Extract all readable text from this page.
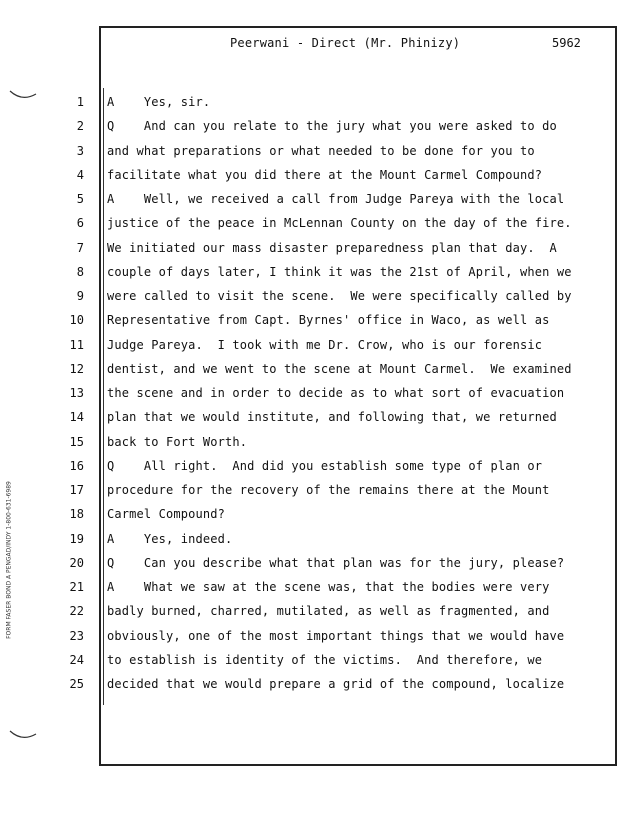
Peerwani - Direct (Mr. Phinizy)	5962
FORM FASER BOND A PENGAD/INDY 1-800-631-6989
1 A    Yes, sir.
2 Q    And can you relate to the jury what you were asked to do
3 and what preparations or what needed to be done for you to
4 facilitate what you did there at the Mount Carmel Compound?
5 A    Well, we received a call from Judge Pareya with the local
6 justice of the peace in McLennan County on the day of the fire.
7 We initiated our mass disaster preparedness plan that day.  A
8 couple of days later, I think it was the 21st of April, when we
9 were called to visit the scene.  We were specifically called by
10 Representative from Capt. Byrnes' office in Waco, as well as
11 Judge Pareya.  I took with me Dr. Crow, who is our forensic
12 dentist, and we went to the scene at Mount Carmel.  We examined
13 the scene and in order to decide as to what sort of evacuation
14 plan that we would institute, and following that, we returned
15 back to Fort Worth.
16 Q    All right.  And did you establish some type of plan or
17 procedure for the recovery of the remains there at the Mount
18 Carmel Compound?
19 A    Yes, indeed.
20 Q    Can you describe what that plan was for the jury, please?
21 A    What we saw at the scene was, that the bodies were very
22 badly burned, charred, mutilated, as well as fragmented, and
23 obviously, one of the most important things that we would have
24 to establish is identity of the victims.  And therefore, we
25 decided that we would prepare a grid of the compound, localize
